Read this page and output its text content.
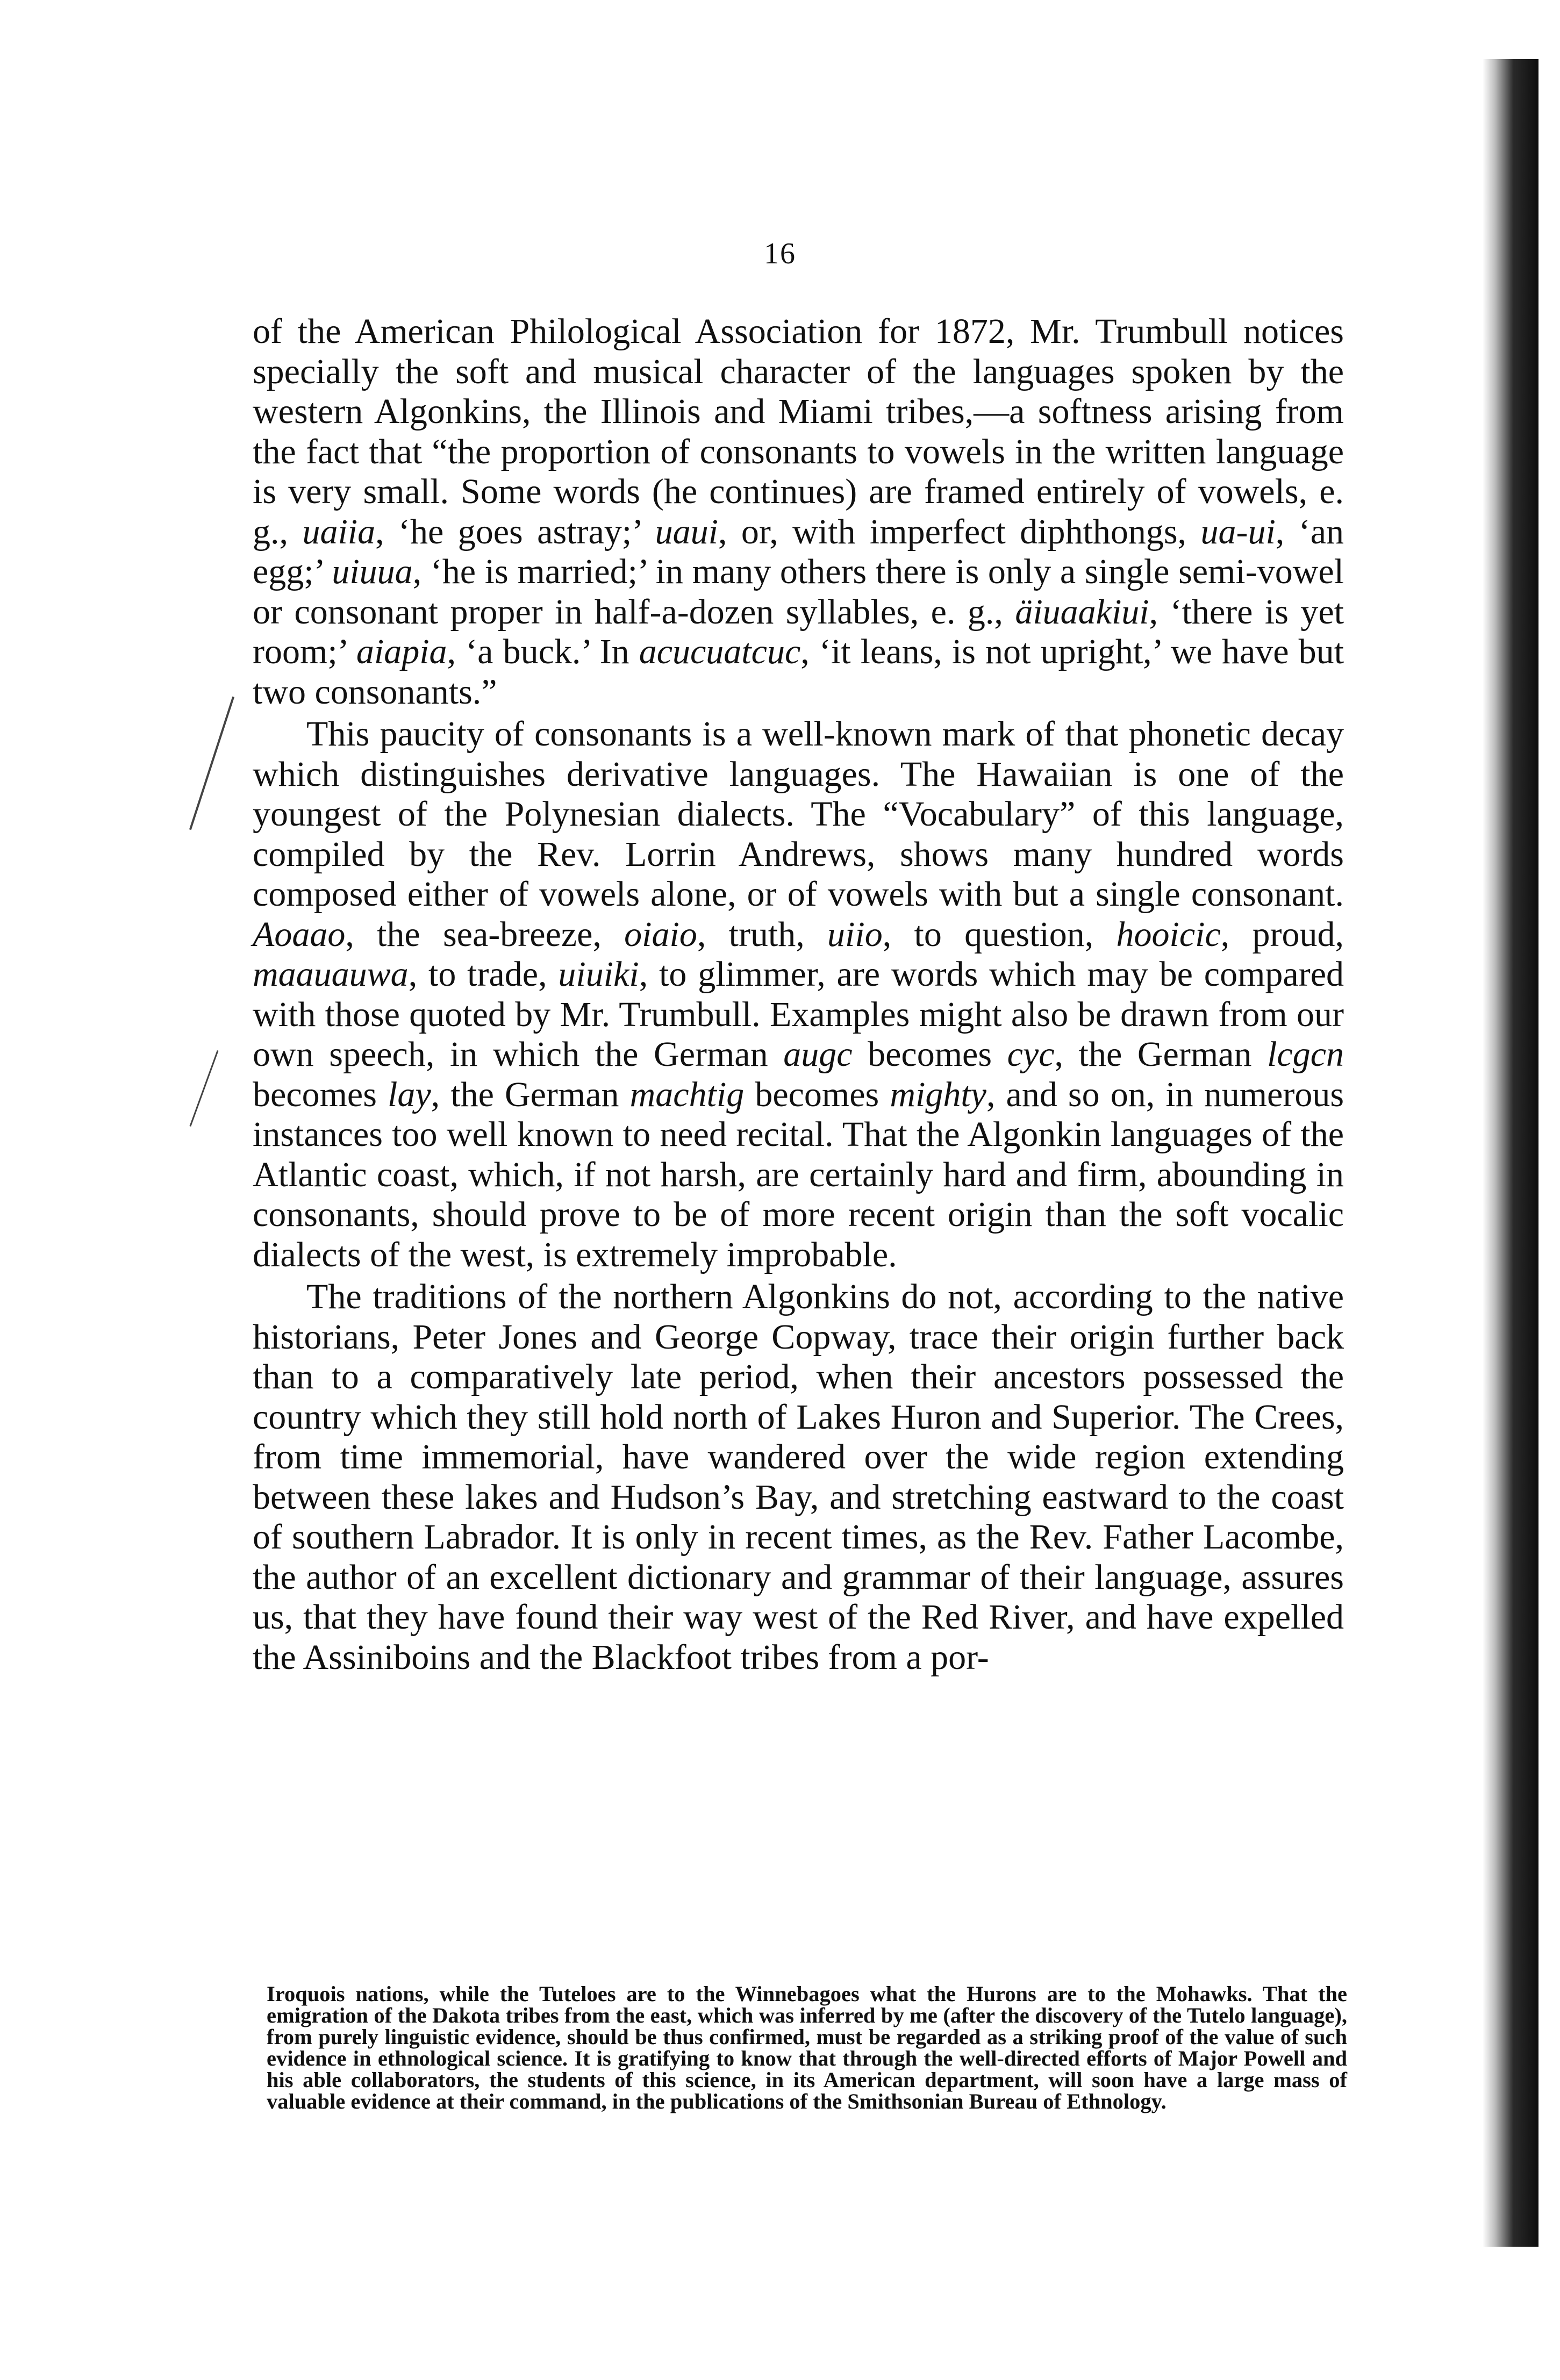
16

of the American Philological Association for 1872, Mr. Trumbull notices specially the soft and musical character of the languages spoken by the western Algonkins, the Illinois and Miami tribes,—a softness arising from the fact that “the proportion of consonants to vowels in the written language is very small. Some words (he continues) are framed entirely of vowels, e. g., uaiia, ‘he goes astray;’ uaui, or, with imperfect diphthongs, ua-ui, ‘an egg;’ uiuua, ‘he is married;’ in many others there is only a single semi-vowel or consonant proper in half-a-dozen syllables, e. g., äiuaakiui, ‘there is yet room;’ aiapia, ‘a buck.’ In acucuatcuc, ‘it leans, is not upright,’ we have but two consonants.”

This paucity of consonants is a well-known mark of that phonetic decay which distinguishes derivative languages. The Hawaiian is one of the youngest of the Polynesian dialects. The “Vocabulary” of this language, compiled by the Rev. Lorrin Andrews, shows many hundred words composed either of vowels alone, or of vowels with but a single consonant. Aoaao, the sea-breeze, oiaio, truth, uiio, to question, hooicic, proud, maauauwa, to trade, uiuiki, to glimmer, are words which may be compared with those quoted by Mr. Trumbull. Examples might also be drawn from our own speech, in which the German augc becomes cyc, the German lcgcn becomes lay, the German machtig becomes mighty, and so on, in numerous instances too well known to need recital. That the Algonkin languages of the Atlantic coast, which, if not harsh, are certainly hard and firm, abounding in consonants, should prove to be of more recent origin than the soft vocalic dialects of the west, is extremely improbable.

The traditions of the northern Algonkins do not, according to the native historians, Peter Jones and George Copway, trace their origin further back than to a comparatively late period, when their ancestors possessed the country which they still hold north of Lakes Huron and Superior. The Crees, from time immemorial, have wandered over the wide region extending between these lakes and Hudson’s Bay, and stretching eastward to the coast of southern Labrador. It is only in recent times, as the Rev. Father Lacombe, the author of an excellent dictionary and grammar of their language, assures us, that they have found their way west of the Red River, and have expelled the Assiniboins and the Blackfoot tribes from a por-

Iroquois nations, while the Tuteloes are to the Winnebagoes what the Hurons are to the Mohawks. That the emigration of the Dakota tribes from the east, which was inferred by me (after the discovery of the Tutelo language), from purely linguistic evidence, should be thus confirmed, must be regarded as a striking proof of the value of such evidence in ethnological science. It is gratifying to know that through the well-directed efforts of Major Powell and his able collaborators, the students of this science, in its American department, will soon have a large mass of valuable evidence at their command, in the publications of the Smithsonian Bureau of Ethnology.
